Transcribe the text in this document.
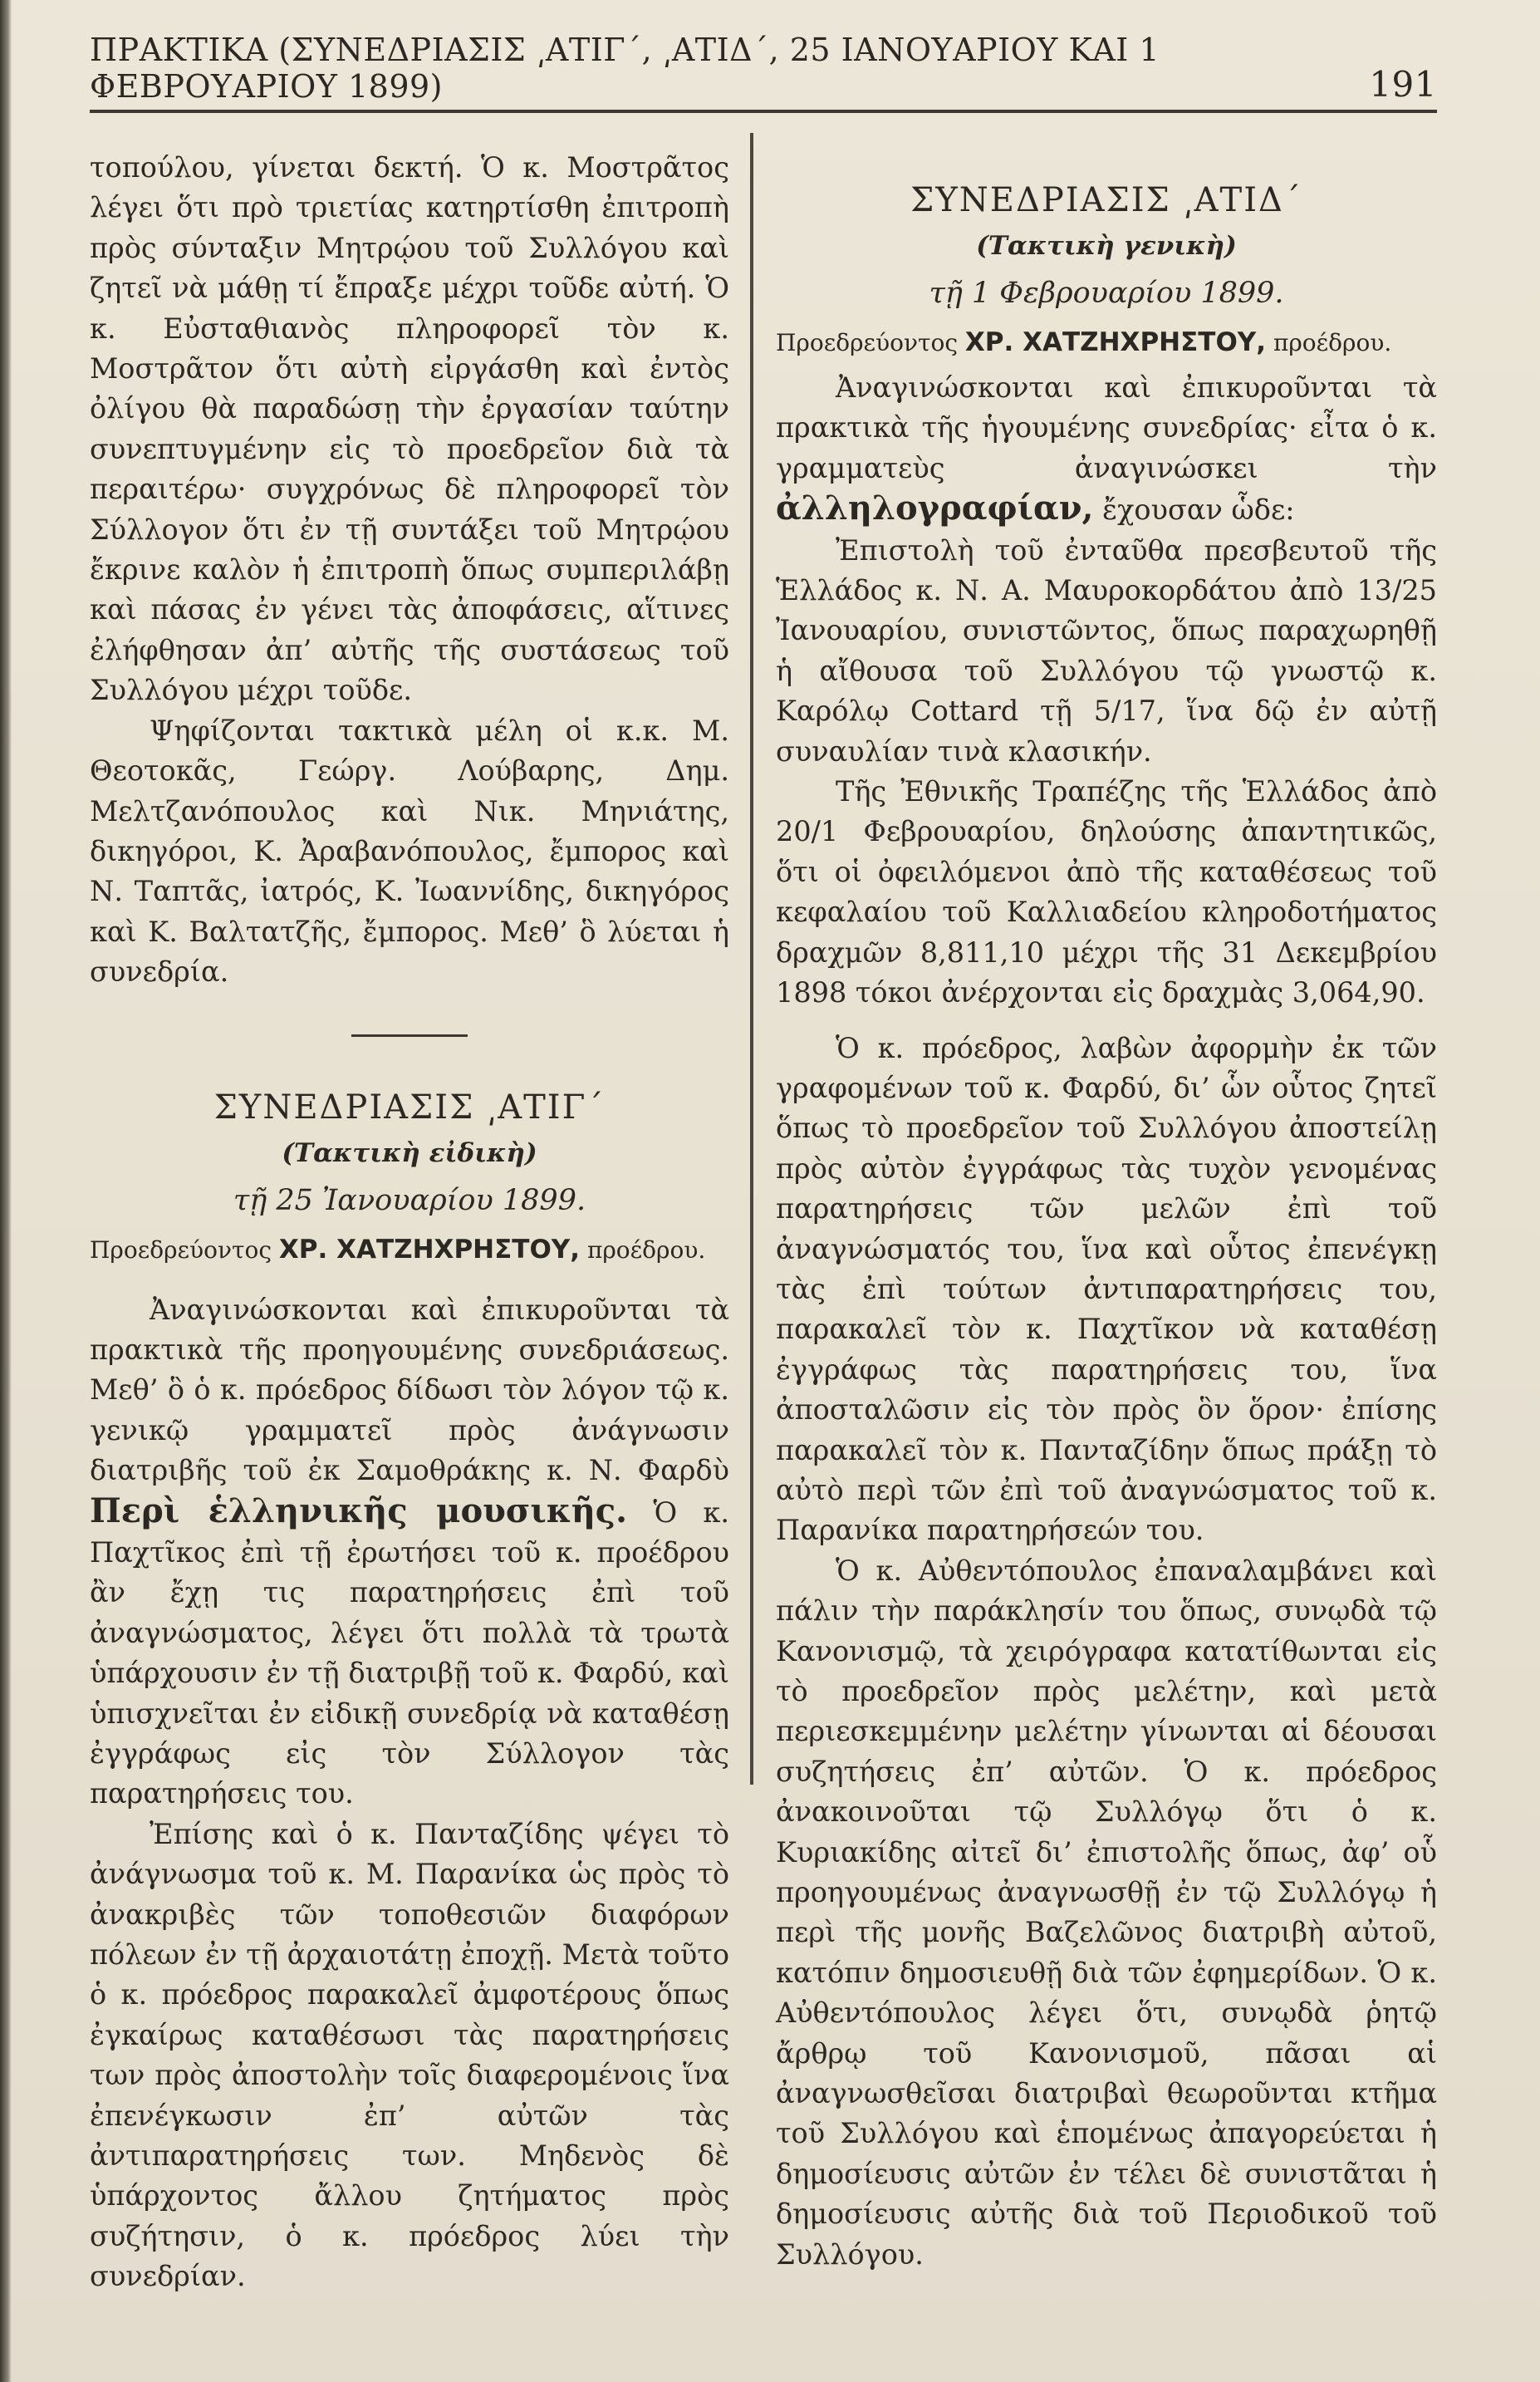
ΠΡΑΚΤΙΚΑ (ΣΥΝΕΔΡΙΑΣΙΣ ͵ΑΤΙΓ´, ͵ΑΤΙΔ´, 25 ΙΑΝΟΥΑΡΙΟΥ ΚΑΙ 1 ΦΕΒΡΟΥΑΡΙΟΥ 1899)	191

τοπούλου, γίνεται δεκτή. Ὁ κ. Μοστρᾶτος λέγει ὅτι πρὸ τριετίας κατηρτίσθη ἐπιτροπὴ πρὸς σύνταξιν Μητρῴου τοῦ Συλλόγου καὶ ζητεῖ νὰ μάθῃ τί ἔπραξε μέχρι τοῦδε αὐτή. Ὁ κ. Εὐσταθιανὸς πληροφορεῖ τὸν κ. Μοστρᾶτον ὅτι αὐτὴ εἰργάσθη καὶ ἐντὸς ὀλίγου θὰ παραδώσῃ τὴν ἐργασίαν ταύτην συνεπτυγμένην εἰς τὸ προεδρεῖον διὰ τὰ περαιτέρω· συγχρόνως δὲ πληροφορεῖ τὸν Σύλλογον ὅτι ἐν τῇ συντάξει τοῦ Μητρῴου ἔκρινε καλὸν ἡ ἐπιτροπὴ ὅπως συμπεριλάβῃ καὶ πάσας ἐν γένει τὰς ἀποφάσεις, αἵτινες ἐλήφθησαν ἀπ’ αὐτῆς τῆς συστάσεως τοῦ Συλλόγου μέχρι τοῦδε.

Ψηφίζονται τακτικὰ μέλη οἱ κ.κ. Μ. Θεοτοκᾶς, Γεώργ. Λούβαρης, Δημ. Μελτζανόπουλος καὶ Νικ. Μηνιάτης, δικηγόροι, Κ. Ἀραβανόπουλος, ἔμπορος καὶ Ν. Ταπτᾶς, ἰατρός, Κ. Ἰωαννίδης, δικηγόρος καὶ Κ. Βαλτατζῆς, ἔμπορος. Μεθ’ ὃ λύεται ἡ συνεδρία.

ΣΥΝΕΔΡΙΑΣΙΣ ͵ΑΤΙΓ´
(Τακτικὴ εἰδικὴ)
τῇ 25 Ἰανουαρίου 1899.
Προεδρεύοντος ΧΡ. ΧΑΤΖΗΧΡΗΣΤΟΥ, προέδρου.

Ἀναγινώσκονται καὶ ἐπικυροῦνται τὰ πρακτικὰ τῆς προηγουμένης συνεδριάσεως. Μεθ’ ὃ ὁ κ. πρόεδρος δίδωσι τὸν λόγον τῷ κ. γενικῷ γραμματεῖ πρὸς ἀνάγνωσιν διατριβῆς τοῦ ἐκ Σαμοθράκης κ. Ν. Φαρδὺ Περὶ ἑλληνικῆς μουσικῆς. Ὁ κ. Παχτῖκος ἐπὶ τῇ ἐρωτήσει τοῦ κ. προέδρου ἂν ἔχῃ τις παρατηρήσεις ἐπὶ τοῦ ἀναγνώσματος, λέγει ὅτι πολλὰ τὰ τρωτὰ ὑπάρχουσιν ἐν τῇ διατριβῇ τοῦ κ. Φαρδύ, καὶ ὑπισχνεῖται ἐν εἰδικῇ συνεδρίᾳ νὰ καταθέσῃ ἐγγράφως εἰς τὸν Σύλλογον τὰς παρατηρήσεις του.

Ἐπίσης καὶ ὁ κ. Πανταζίδης ψέγει τὸ ἀνάγνωσμα τοῦ κ. Μ. Παρανίκα ὡς πρὸς τὸ ἀνακριβὲς τῶν τοποθεσιῶν διαφόρων πόλεων ἐν τῇ ἀρχαιοτάτῃ ἐποχῇ. Μετὰ τοῦτο ὁ κ. πρόεδρος παρακαλεῖ ἀμφοτέρους ὅπως ἐγκαίρως καταθέσωσι τὰς παρατηρήσεις των πρὸς ἀποστολὴν τοῖς διαφερομένοις ἵνα ἐπενέγκωσιν ἐπ’ αὐτῶν τὰς ἀντιπαρατηρήσεις των. Μηδενὸς δὲ ὑπάρχοντος ἄλλου ζητήματος πρὸς συζήτησιν, ὁ κ. πρόεδρος λύει τὴν συνεδρίαν.

ΣΥΝΕΔΡΙΑΣΙΣ ͵ΑΤΙΔ´
(Τακτικὴ γενικὴ)
τῇ 1 Φεβρουαρίου 1899.
Προεδρεύοντος ΧΡ. ΧΑΤΖΗΧΡΗΣΤΟΥ, προέδρου.

Ἀναγινώσκονται καὶ ἐπικυροῦνται τὰ πρακτικὰ τῆς ἡγουμένης συνεδρίας· εἶτα ὁ κ. γραμματεὺς ἀναγινώσκει τὴν ἀλληλογραφίαν, ἔχουσαν ὧδε:

Ἐπιστολὴ τοῦ ἐνταῦθα πρεσβευτοῦ τῆς Ἑλλάδος κ. Ν. Α. Μαυροκορδάτου ἀπὸ 13/25 Ἰανουαρίου, συνιστῶντος, ὅπως παραχωρηθῇ ἡ αἴθουσα τοῦ Συλλόγου τῷ γνωστῷ κ. Καρόλῳ Cottard τῇ 5/17, ἵνα δῷ ἐν αὐτῇ συναυλίαν τινὰ κλασικήν.

Τῆς Ἐθνικῆς Τραπέζης τῆς Ἑλλάδος ἀπὸ 20/1 Φεβρουαρίου, δηλούσης ἀπαντητικῶς, ὅτι οἱ ὀφειλόμενοι ἀπὸ τῆς καταθέσεως τοῦ κεφαλαίου τοῦ Καλλιαδείου κληροδοτήματος δραχμῶν 8,811,10 μέχρι τῆς 31 Δεκεμβρίου 1898 τόκοι ἀνέρχονται εἰς δραχμὰς 3,064,90.

Ὁ κ. πρόεδρος, λαβὼν ἀφορμὴν ἐκ τῶν γραφομένων τοῦ κ. Φαρδύ, δι’ ὧν οὗτος ζητεῖ ὅπως τὸ προεδρεῖον τοῦ Συλλόγου ἀποστείλῃ πρὸς αὐτὸν ἐγγράφως τὰς τυχὸν γενομένας παρατηρήσεις τῶν μελῶν ἐπὶ τοῦ ἀναγνώσματός του, ἵνα καὶ οὗτος ἐπενέγκῃ τὰς ἐπὶ τούτων ἀντιπαρατηρήσεις του, παρακαλεῖ τὸν κ. Παχτῖκον νὰ καταθέσῃ ἐγγράφως τὰς παρατηρήσεις του, ἵνα ἀποσταλῶσιν εἰς τὸν πρὸς ὃν ὅρον· ἐπίσης παρακαλεῖ τὸν κ. Πανταζίδην ὅπως πράξῃ τὸ αὐτὸ περὶ τῶν ἐπὶ τοῦ ἀναγνώσματος τοῦ κ. Παρανίκα παρατηρήσεών του.

Ὁ κ. Αὐθεντόπουλος ἐπαναλαμβάνει καὶ πάλιν τὴν παράκλησίν του ὅπως, συνῳδὰ τῷ Κανονισμῷ, τὰ χειρόγραφα κατατίθωνται εἰς τὸ προεδρεῖον πρὸς μελέτην, καὶ μετὰ περιεσκεμμένην μελέτην γίνωνται αἱ δέουσαι συζητήσεις ἐπ’ αὐτῶν. Ὁ κ. πρόεδρος ἀνακοινοῦται τῷ Συλλόγῳ ὅτι ὁ κ. Κυριακίδης αἰτεῖ δι’ ἐπιστολῆς ὅπως, ἀφ’ οὗ προηγουμένως ἀναγνωσθῇ ἐν τῷ Συλλόγῳ ἡ περὶ τῆς μονῆς Βαζελῶνος διατριβὴ αὐτοῦ, κατόπιν δημοσιευθῇ διὰ τῶν ἐφημερίδων. Ὁ κ. Αὐθεντόπουλος λέγει ὅτι, συνῳδὰ ῥητῷ ἄρθρῳ τοῦ Κανονισμοῦ, πᾶσαι αἱ ἀναγνωσθεῖσαι διατριβαὶ θεωροῦνται κτῆμα τοῦ Συλλόγου καὶ ἑπομένως ἀπαγορεύεται ἡ δημοσίευσις αὐτῶν ἐν τέλει δὲ συνιστᾶται ἡ δημοσίευσις αὐτῆς διὰ τοῦ Περιοδικοῦ τοῦ Συλλόγου.
